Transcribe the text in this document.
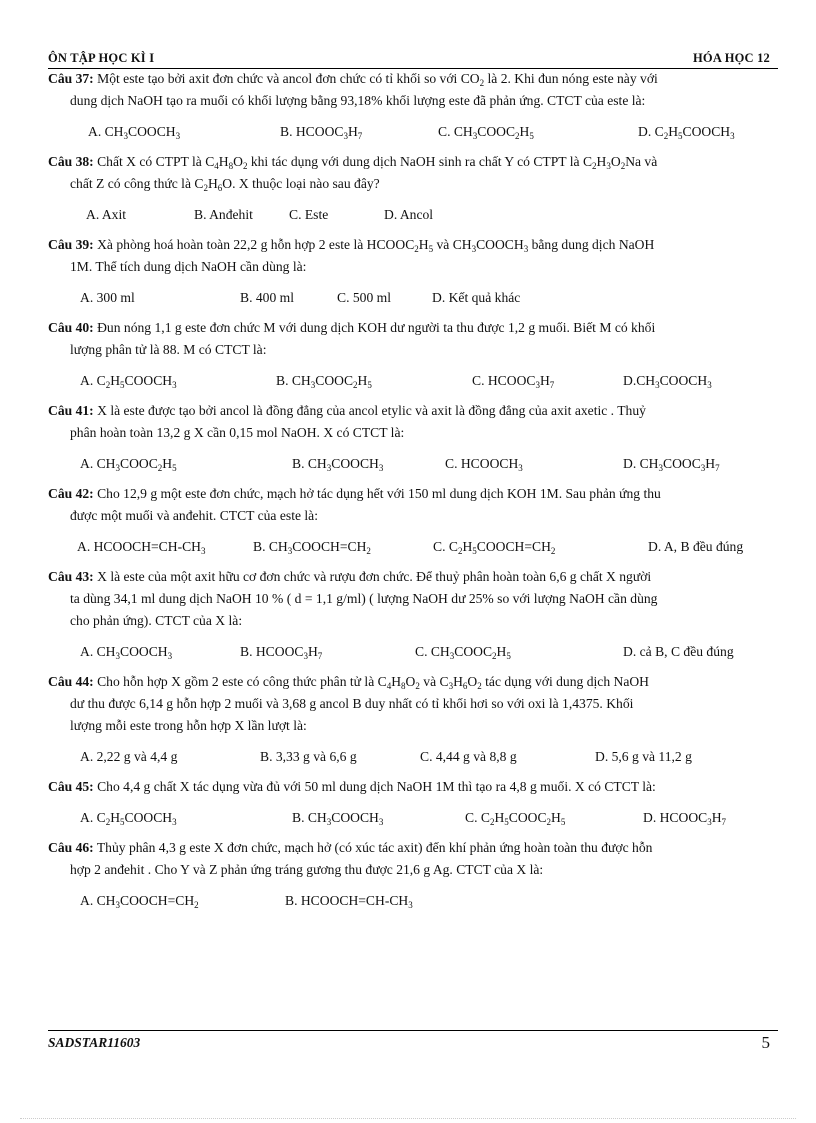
ÔN TẬP HỌC KÌ I	HÓA HỌC 12

Câu 37: Một este tạo bởi axit đơn chức và ancol đơn chức có tỉ khối so với $CO_2$ là 2. Khi đun nóng este này với
dung dịch NaOH tạo ra muối có khối lượng bằng 93,18% khối lượng este đã phản ứng. CTCT của este là:

A. $CH_3COOCH_3$	B. $HCOOC_3H_7$	C. $CH_3COOC_2H_5$	D. $C_2H_5COOCH_3$

Câu 38: Chất X có CTPT là $C_4H_8O_2$ khi tác dụng với dung dịch NaOH sinh ra chất Y có CTPT là $C_2H_3O_2Na$ và
chất Z có công thức là $C_2H_6O$. X thuộc loại nào sau đây?

A. Axit	B. Anđehit	C. Este	D. Ancol

Câu 39: Xà phòng hoá hoàn toàn 22,2 g hỗn hợp 2 este là $HCOOC_2H_5$ và $CH_3COOCH_3$ bằng dung dịch NaOH
1M. Thể tích dung dịch NaOH cần dùng là:

A. 300 ml	B. 400 ml	C. 500 ml	D. Kết quả khác

Câu 40: Đun nóng 1,1 g este đơn chức M với dung dịch KOH dư người ta thu được 1,2 g muối. Biết M có khối
lượng phân tử là 88. M có CTCT là:

A. $C_2H_5COOCH_3$	B. $CH_3COOC_2H_5$	C. $HCOOC_3H_7$	$D.CH_3COOCH_3$

Câu 41: X là este được tạo bởi ancol là đồng đẳng của ancol etylic và axit là đồng đẳng của axit axetic . Thuỷ
phân hoàn toàn 13,2 g X cần 0,15 mol NaOH. X có CTCT là:

A. $CH_3COOC_2H_5$	B. $CH_3COOCH_3$	C. $HCOOCH_3$	D. $CH_3COOC_3H_7$

Câu 42: Cho 12,9 g một este đơn chức, mạch hở tác dụng hết với 150 ml dung dịch KOH 1M. Sau phản ứng thu
được một muối và anđehit. CTCT của este là:

A. $HCOOCH=CH-CH_3$	B. $CH_3COOCH=CH_2$	C. $C_2H_5COOCH=CH_2$	D. A, B đều đúng

Câu 43: X là este của một axit hữu cơ đơn chức và rượu đơn chức. Để thuỷ phân hoàn toàn 6,6 g chất X người
ta dùng 34,1 ml dung dịch NaOH 10 % ( d = 1,1 g/ml) ( lượng NaOH dư 25% so với lượng NaOH cần dùng
cho phản ứng). CTCT của X là:

A. $CH_3COOCH_3$	B. $HCOOC_3H_7$	C. $CH_3COOC_2H_5$	D. cả B, C đều đúng

Câu 44: Cho hỗn hợp X gồm 2 este có công thức phân tử là $C_4H_8O_2$ và $C_3H_6O_2$ tác dụng với dung dịch NaOH
dư thu được 6,14 g hỗn hợp 2 muối và 3,68 g ancol B duy nhất có tỉ khối hơi so với oxi là 1,4375. Khối
lượng mỗi este trong hỗn hợp X lần lượt là:

A. 2,22 g và 4,4 g	B. 3,33 g và 6,6 g	C. 4,44 g và 8,8 g	D. 5,6 g và 11,2 g

Câu 45: Cho 4,4 g chất X tác dụng vừa đủ với 50 ml dung dịch NaOH 1M thì tạo ra 4,8 g muối. X có CTCT là:

A. $C_2H_5COOCH_3$	B. $CH_3COOCH_3$	C. $C_2H_5COOC_2H_5$	D. $HCOOC_3H_7$

Câu 46: Thủy phân 4,3 g este X đơn chức, mạch hở (có xúc tác axit) đến khí phản ứng hoàn toàn thu được hỗn
hợp 2 anđehit . Cho Y và Z phản ứng tráng gương thu được 21,6 g Ag. CTCT của X là:

A. $CH_3COOCH=CH_2$	B. $HCOOCH=CH-CH_3$
SADSTAR11603	5
